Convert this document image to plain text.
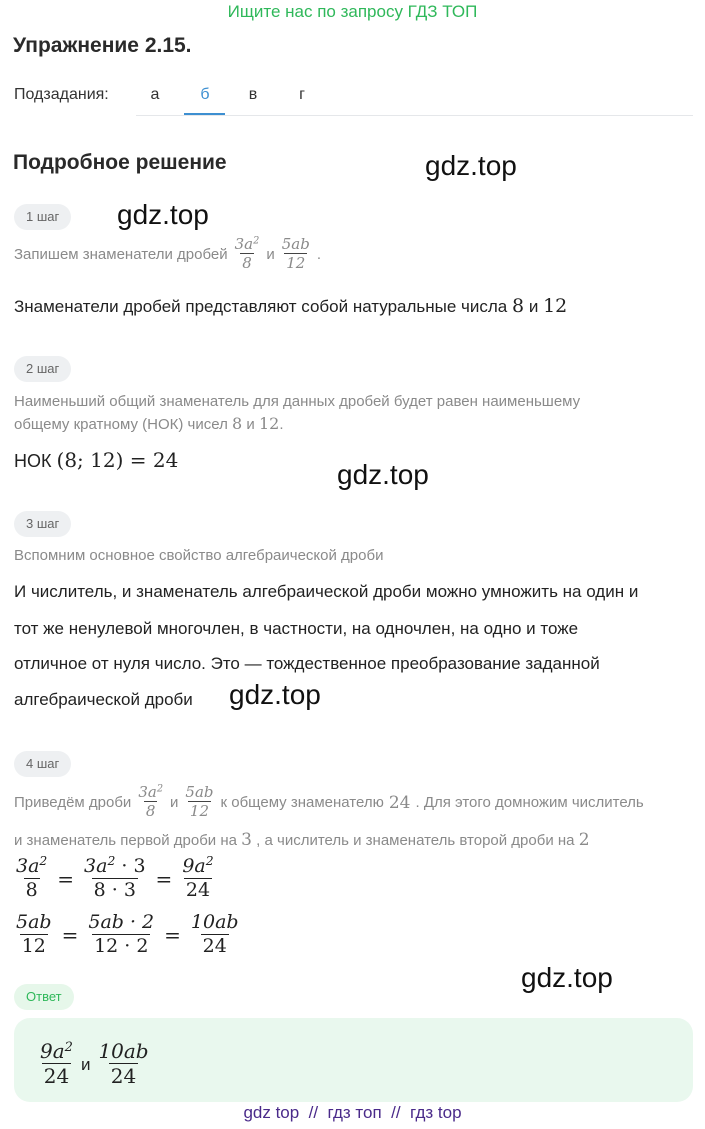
Ищите нас по запросу ГДЗ ТОП
Упражнение 2.15.
Подзадания:	а	б	в	г
Подробное решение	gdz.top
gdz.top
gdz.top
gdz.top
gdz.top
1 шаг
Запишем знаменатели дробей $\frac{3a^2}{8}$ и $\frac{5ab}{12}$ .
Знаменатели дробей представляют собой натуральные числа 8 и 12
2 шаг
Наименьший общий знаменатель для данных дробей будет равен наименьшему
общему кратному (НОК) чисел 8 и 12.
НОК (8; 12) = 24
3 шаг
Вспомним основное свойство алгебраической дроби
И числитель, и знаменатель алгебраической дроби можно умножить на один и
тот же ненулевой многочлен, в частности, на одночлен, на одно и тоже
отличное от нуля число. Это — тождественное преобразование заданной
алгебраической дроби
4 шаг
Приведём дроби $\frac{3a^2}{8}$ и $\frac{5ab}{12}$ к общему знаменателю 24 . Для этого домножим числитель
и знаменатель первой дроби на 3 , а числитель и знаменатель второй дроби на 2
$\frac{3a^2}{8} = \frac{3a^2 \cdot 3}{8 \cdot 3} = \frac{9a^2}{24}$
$\frac{5ab}{12} = \frac{5ab \cdot 2}{12 \cdot 2} = \frac{10ab}{24}$
Ответ
$\frac{9a^2}{24}$ и $\frac{10ab}{24}$
gdz top  //  гдз топ  //  гдз top
